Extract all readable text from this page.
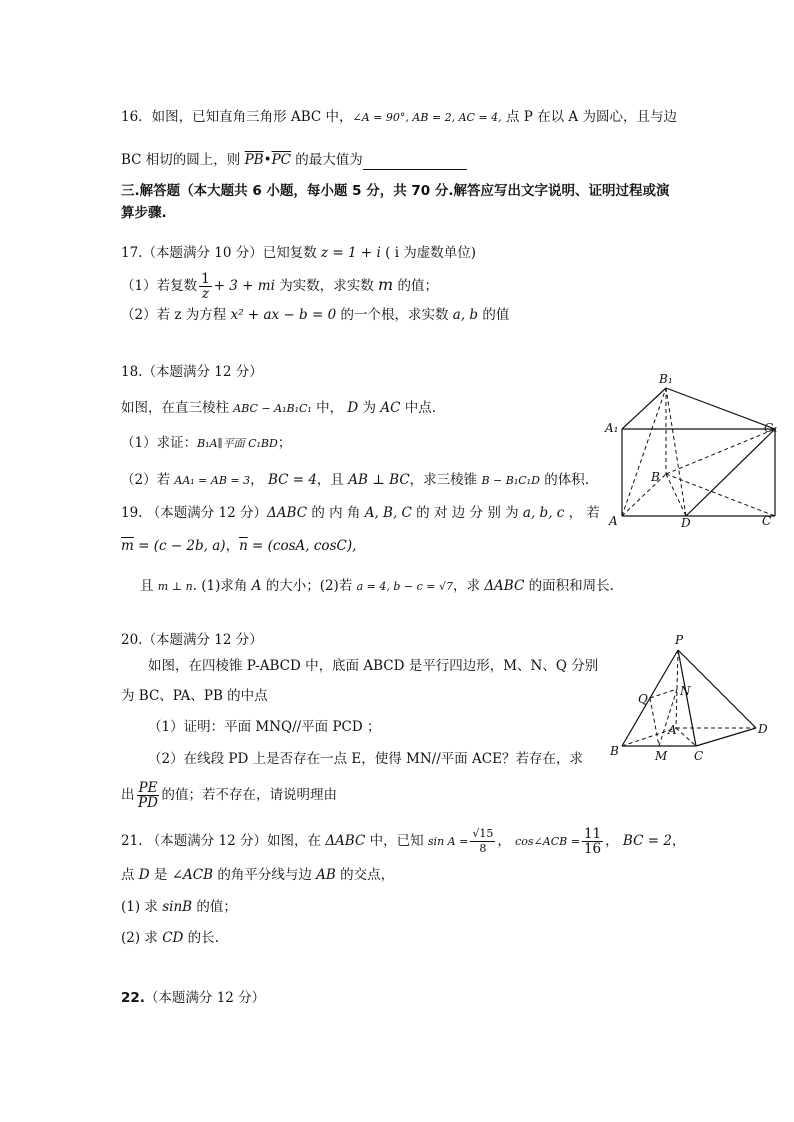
16．如图，已知直角三角形 ABC 中，∠A = 90°, AB = 2, AC = 4, 点 P 在以 A 为圆心，且与边
BC 相切的圆上，则 $\overline{PB}•\overline{PC}$ 的最大值为
三.解答题（本大题共 6 小题，每小题 5 分，共 70 分.解答应写出文字说明、证明过程或演
算步骤.
17.（本题满分 10 分）已知复数 z = 1 + i ( i 为虚数单位)
（1）若复数 $\frac{1}{z} + 3$ + mi 为实数，求实数 m 的值；
（2）若 z 为方程 x² + ax − b = 0 的一个根，求实数 a, b 的值
18.（本题满分 12 分）
如图，在直三棱柱 ABC − A₁B₁C₁ 中， D 为 AC 中点.
（1）求证：B₁A∥平面 C₁BD；
（2）若 AA₁ = AB = 3， BC = 4，且 AB ⊥ BC，求三棱锥 B − B₁C₁D 的体积.
B₁
A₁	C₁
B
A	D	C
19. （本题满分 12 分）ΔABC 的 内 角 A, B, C 的 对 边 分 别 为 a, b, c ， 若
$\overline{m} = (c - 2b$, a)，$\overline{n} = (\cos A$, cosC),
且 m ⊥ n. (1)求角 A 的大小；(2)若 a = 4, b − c = √7，求 ΔABC 的面积和周长.
20.（本题满分 12 分）
如图，在四棱锥 P-ABCD 中，底面 ABCD 是平行四边形，M、N、Q 分别
为 BC、PA、PB 的中点
（1）证明：平面 MNQ//平面 PCD ；
（2）在线段 PD 上是否存在一点 E，使得 MN//平面 ACE？若存在，求
出 $\frac{PE}{PD}$ 的值；若不存在，请说明理由
P
Q
N
A	D
B	M C
21. （本题满分 12 分）如图，在 ΔABC 中，已知 $\sin A = \frac{√15}{8}$ ， cos∠ACB = $\frac{11}{16}$ ， BC = 2，
点 D 是 ∠ACB 的角平分线与边 AB 的交点，
(1) 求 sinB 的值；
(2) 求 CD 的长.
22.（本题满分 12 分）
